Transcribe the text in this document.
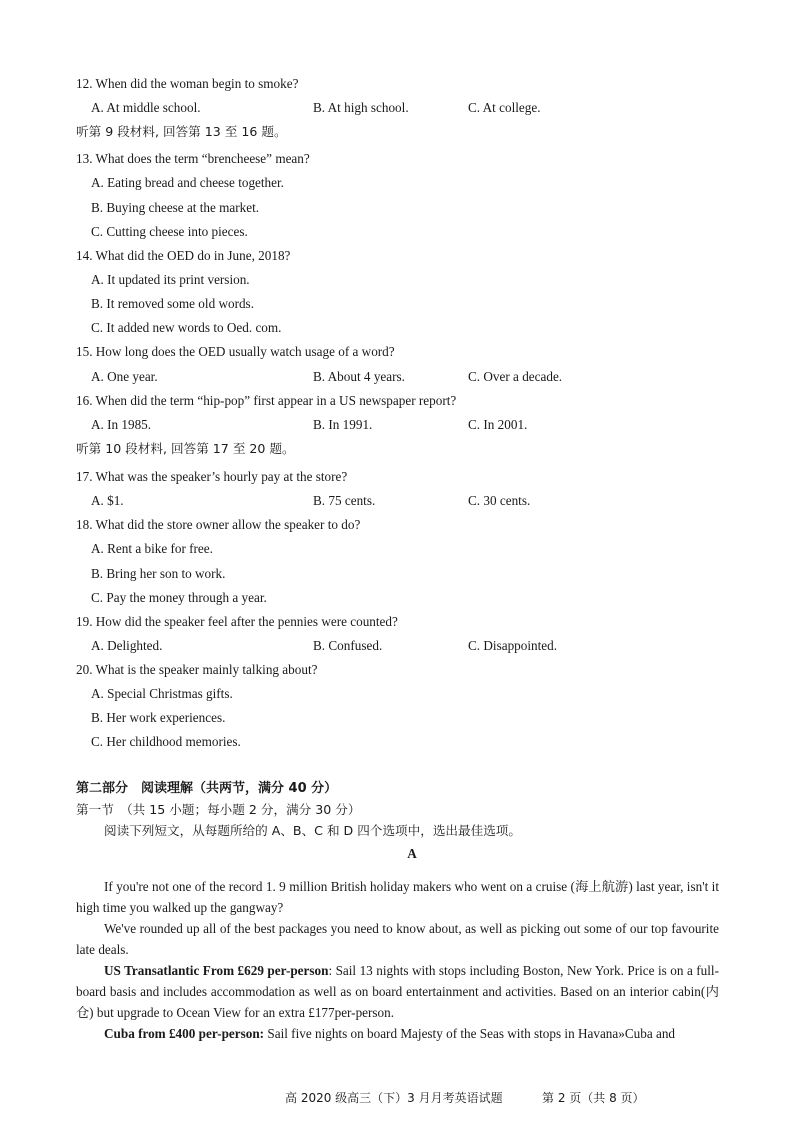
12. When did the woman begin to smoke?
A. At middle school.	B. At high school.	C. At college.
听第 9 段材料, 回答第 13 至 16 题。
13. What does the term “brencheese” mean?
A. Eating bread and cheese together.
B. Buying cheese at the market.
C. Cutting cheese into pieces.
14. What did the OED do in June, 2018?
A. It updated its print version.
B. It removed some old words.
C. It added new words to Oed. com.
15. How long does the OED usually watch usage of a word?
A. One year.	B. About 4 years.	C. Over a decade.
16. When did the term “hip-pop” first appear in a US newspaper report?
A. In 1985.	B. In 1991.	C. In 2001.
听第 10 段材料, 回答第 17 至 20 题。
17. What was the speaker’s hourly pay at the store?
A. $1.	B. 75 cents.	C. 30 cents.
18. What did the store owner allow the speaker to do?
A. Rent a bike for free.
B. Bring her son to work.
C. Pay the money through a year.
19. How did the speaker feel after the pennies were counted?
A. Delighted.	B. Confused.	C. Disappointed.
20. What is the speaker mainly talking about?
A. Special Christmas gifts.
B. Her work experiences.
C. Her childhood memories.
第二部分　阅读理解（共两节，满分 40 分）
第一节　（共 15 小题；每小题 2 分，满分 30 分）
阅读下列短文，从每题所给的 A、B、C 和 D 四个选项中，选出最佳选项。
A
If you're not one of the record 1. 9 million British holiday makers who went on a cruise (海上航游) last year, isn't it high time you walked up the gangway?
We've rounded up all of the best packages you need to know about, as well as picking out some of our top favourite late deals.
US Transatlantic From £629 per-person: Sail 13 nights with stops including Boston, New York. Price is on a full-board basis and includes accommodation as well as on board entertainment and activities. Based on an interior cabin(内仓) but upgrade to Ocean View for an extra £177per-person.
Cuba from £400 per-person: Sail five nights on board Majesty of the Seas with stops in Havana»Cuba and
高 2020 级高三（下）3 月月考英语试题	第 2 页（共 8 页）
